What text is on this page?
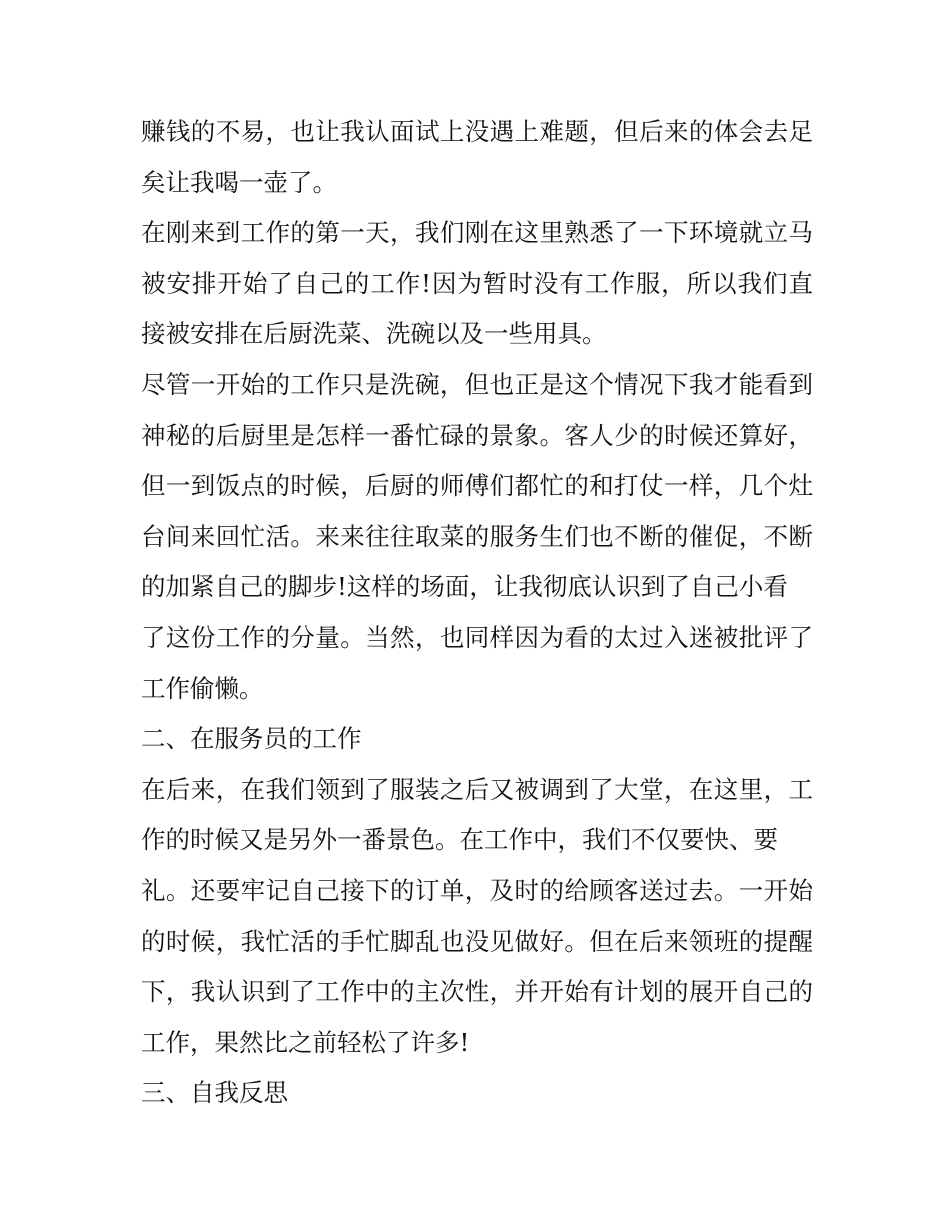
赚钱的不易，也让我认面试上没遇上难题，但后来的体会去足
矣让我喝一壶了。
在刚来到工作的第一天，我们刚在这里熟悉了一下环境就立马
被安排开始了自己的工作!因为暂时没有工作服，所以我们直
接被安排在后厨洗菜、洗碗以及一些用具。
尽管一开始的工作只是洗碗，但也正是这个情况下我才能看到
神秘的后厨里是怎样一番忙碌的景象。客人少的时候还算好，
但一到饭点的时候，后厨的师傅们都忙的和打仗一样，几个灶
台间来回忙活。来来往往取菜的服务生们也不断的催促，不断
的加紧自己的脚步!这样的场面，让我彻底认识到了自己小看
了这份工作的分量。当然，也同样因为看的太过入迷被批评了
工作偷懒。
二、在服务员的工作
在后来，在我们领到了服装之后又被调到了大堂，在这里，工
作的时候又是另外一番景色。在工作中，我们不仅要快、要
礼。还要牢记自己接下的订单，及时的给顾客送过去。一开始
的时候，我忙活的手忙脚乱也没见做好。但在后来领班的提醒
下，我认识到了工作中的主次性，并开始有计划的展开自己的
工作，果然比之前轻松了许多!
三、自我反思
